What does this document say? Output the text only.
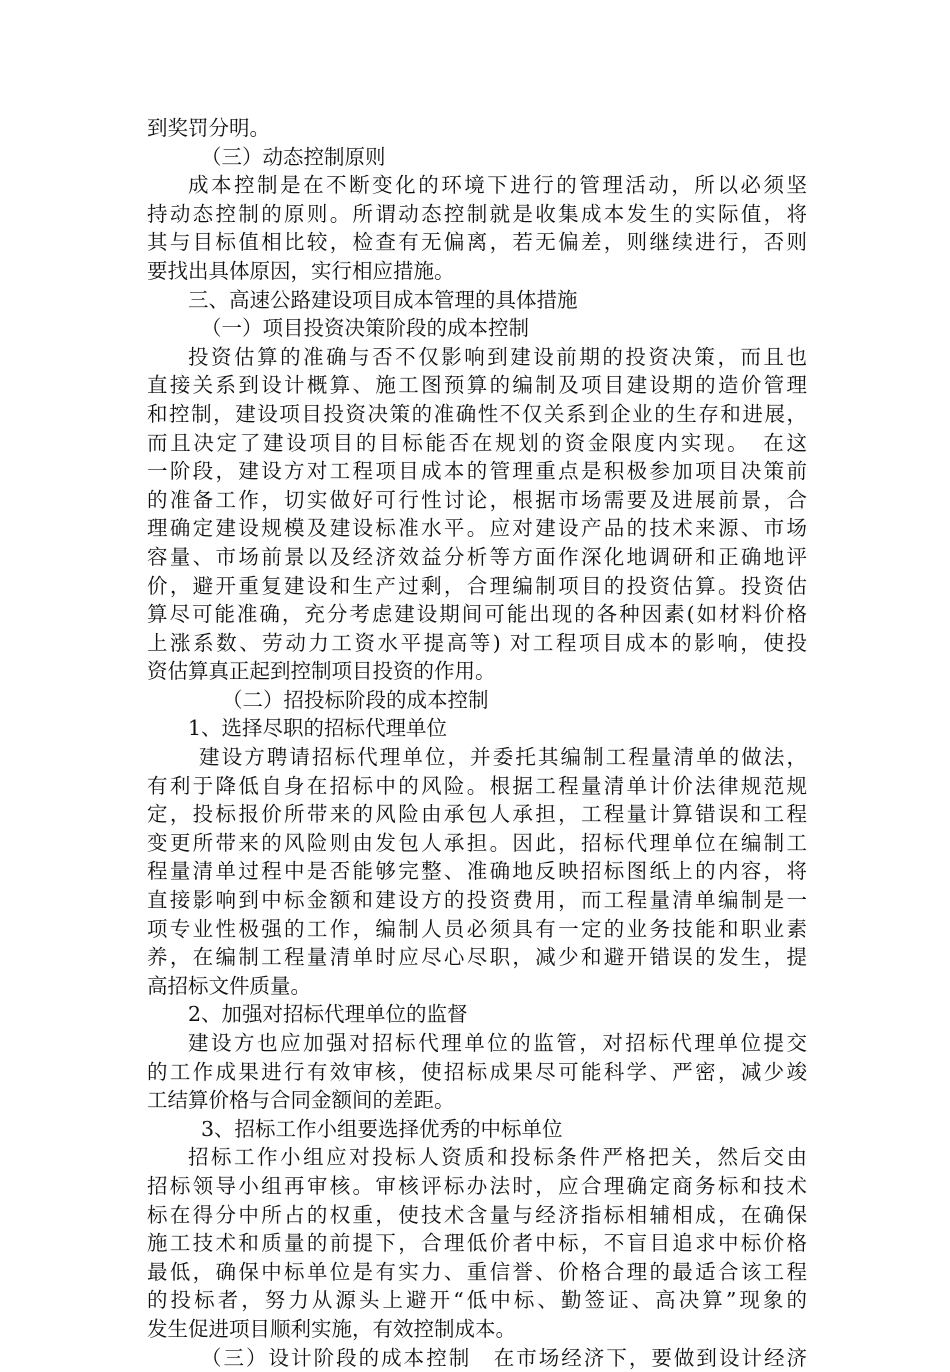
到奖罚分明。
（三）动态控制原则
成本控制是在不断变化的环境下进行的管理活动，所以必须坚
持动态控制的原则。所谓动态控制就是收集成本发生的实际值，将
其与目标值相比较，检查有无偏离，若无偏差，则继续进行，否则
要找出具体原因，实行相应措施。
三、高速公路建设项目成本管理的具体措施
（一）项目投资决策阶段的成本控制
投资估算的准确与否不仅影响到建设前期的投资决策，而且也
直接关系到设计概算、施工图预算的编制及项目建设期的造价管理
和控制，建设项目投资决策的准确性不仅关系到企业的生存和进展，
而且决定了建设项目的目标能否在规划的资金限度内实现。　在这
一阶段，建设方对工程项目成本的管理重点是积极参加项目决策前
的准备工作，切实做好可行性讨论，根据市场需要及进展前景，合
理确定建设规模及建设标准水平。应对建设产品的技术来源、市场
容量、市场前景以及经济效益分析等方面作深化地调研和正确地评
价，避开重复建设和生产过剩，合理编制项目的投资估算。投资估
算尽可能准确，充分考虑建设期间可能出现的各种因素(如材料价格
上涨系数、劳动力工资水平提高等) 对工程项目成本的影响，使投
资估算真正起到控制项目投资的作用。
（二）招投标阶段的成本控制
1、选择尽职的招标代理单位
建设方聘请招标代理单位，并委托其编制工程量清单的做法，
有利于降低自身在招标中的风险。根据工程量清单计价法律规范规
定，投标报价所带来的风险由承包人承担，工程量计算错误和工程
变更所带来的风险则由发包人承担。因此，招标代理单位在编制工
程量清单过程中是否能够完整、准确地反映招标图纸上的内容，将
直接影响到中标金额和建设方的投资费用，而工程量清单编制是一
项专业性极强的工作，编制人员必须具有一定的业务技能和职业素
养，在编制工程量清单时应尽心尽职，减少和避开错误的发生，提
高招标文件质量。
2、加强对招标代理单位的监督
建设方也应加强对招标代理单位的监管，对招标代理单位提交
的工作成果进行有效审核，使招标成果尽可能科学、严密，减少竣
工结算价格与合同金额间的差距。
3、招标工作小组要选择优秀的中标单位
招标工作小组应对投标人资质和投标条件严格把关，然后交由
招标领导小组再审核。审核评标办法时，应合理确定商务标和技术
标在得分中所占的权重，使技术含量与经济指标相辅相成，在确保
施工技术和质量的前提下，合理低价者中标，不盲目追求中标价格
最低，确保中标单位是有实力、重信誉、价格合理的最适合该工程
的投标者，努力从源头上避开“低中标、勤签证、高决算”现象的
发生促进项目顺利实施，有效控制成本。
（三）设计阶段的成本控制　在市场经济下，要做到设计经济
